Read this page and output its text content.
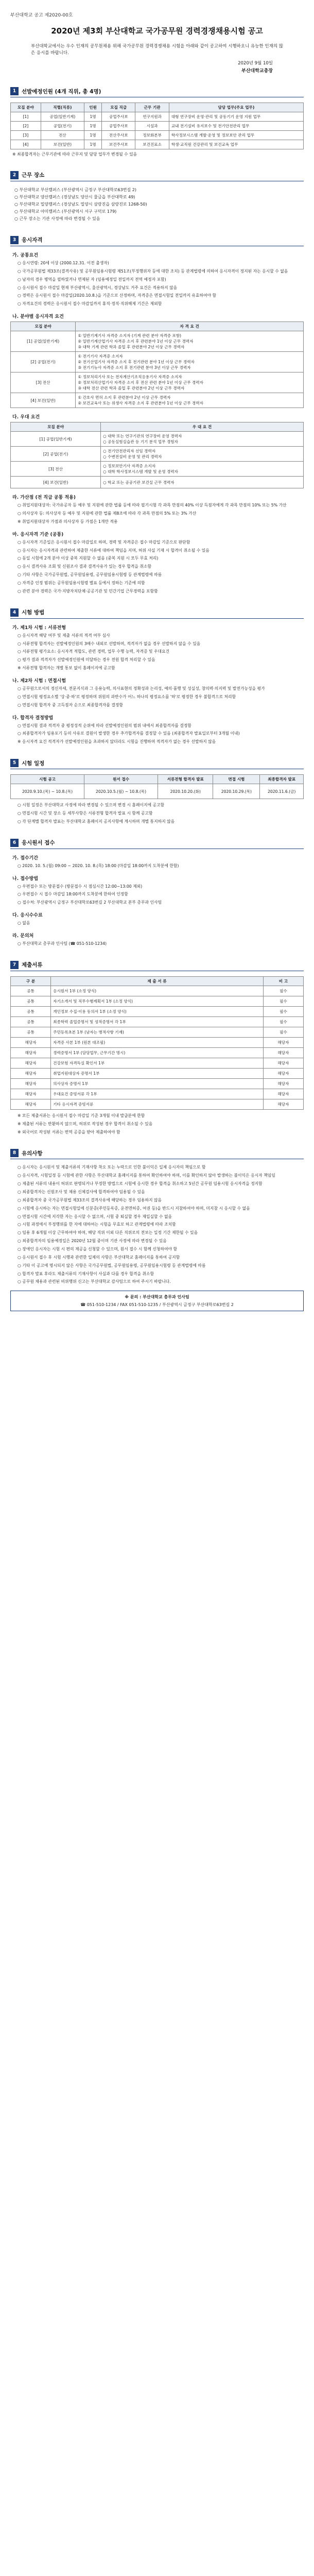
부산대학교 공고 제2020-00호
2020년 제3회 부산대학교 국가공무원 경력경쟁채용시험 공고
부산대학교에서는 우수 인재의 공무원채용 위해 국가공무원 경력경쟁채용 시험을 아래와 같이 공고하여 시행하오니 유능한 인재의 많은 응시를 바랍니다.
2020년 9월 10일
부산대학교총장
1	선발예정인원 (4개 직위, 총 4명)
모집 분야	직렬(직류)	인원	모집 직급	근무 기관	담당 업무(주요 업무)
[1]	공업(일반기계)	1명	공업주사보	연구지원과	대형 연구장비 운영·관리 및 공동기기 운영 지원 업무
[2]	공업(전기)	1명	공업주사보	시설과	교내 전기설비 유지보수 및 전기안전관리 업무
[3]	전산	1명	전산주사보	정보화본부	학사정보시스템 개발·운영 및 정보보안 관리 업무
[4]	보건(일반)	1명	보건주사보	보건진료소	학생·교직원 건강관리 및 보건교육 업무
※ 최종합격자는 근무기관에 따라 근무지 및 담당 업무가 변경될 수 있음
2	근무 장소
○ 부산대학교 부산캠퍼스 (부산광역시 금정구 부산대학로63번길 2)
○ 부산대학교 양산캠퍼스 (경상남도 양산시 물금읍 부산대학로 49)
○ 부산대학교 밀양캠퍼스 (경상남도 밀양시 삼랑진읍 삼랑진로 1268-50)
○ 부산대학교 아미캠퍼스 (부산광역시 서구 구덕로 179)
○ 근무 장소는 기관 사정에 따라 변경될 수 있음
3	응시자격
가. 공통요건

○ 응시연령: 20세 이상 (2000.12.31. 이전 출생자)

○ 국가공무원법 제33조(결격사유) 및 공무원임용시험령 제51조(부정행위자 등에 대한 조치) 등 관계법령에 의하여 응시자격이 정지된 자는 응시할 수 없음

○ 남자의 경우 병역을 필하였거나 면제된 자 (임용예정일 전일까지 전역 예정자 포함)

○ 응시원서 접수 마감일 현재 부산광역시, 울산광역시, 경상남도 거주 요건은 적용하지 않음

○ 경력은 응시원서 접수 마감일(2020.10.8.)을 기준으로 산정하며, 자격증은 면접시험일 전일까지 유효하여야 함

○ 자격요건의 경력은 응시원서 접수 마감일까지 휴직·정직·직위해제 기간은 제외함

나. 분야별 응시자격 요건
모집 분야	자 격 요 건
[1] 공업(일반기계)	① 일반기계기사 자격증 소지자 (기계 관련 분야 자격증 포함)
② 일반기계산업기사 자격증 소지 후 관련분야 1년 이상 근무 경력자
③ 대학 기계 관련 학과 졸업 후 관련분야 2년 이상 근무 경력자
[2] 공업(전기)	① 전기기사 자격증 소지자
② 전기산업기사 자격증 소지 후 전기관련 분야 1년 이상 근무 경력자
③ 전기기능사 자격증 소지 후 전기관련 분야 3년 이상 근무 경력자
[3] 전산	① 정보처리기사 또는 전자계산기조직응용기사 자격증 소지자
② 정보처리산업기사 자격증 소지 후 전산 관련 분야 1년 이상 근무 경력자
③ 대학 전산 관련 학과 졸업 후 관련분야 2년 이상 근무 경력자
[4] 보건(일반)	① 간호사 면허 소지 후 관련분야 2년 이상 근무 경력자
② 보건교육사 또는 위생사 자격증 소지 후 관련분야 1년 이상 근무 경력자
다. 우대 요건
모집 분야	우 대 요 건
[1] 공업(일반기계)	○ 대학 또는 연구기관의 연구장비 운영 경력자
○ 공동실험실습관 등 기기 분석 업무 경험자
[2] 공업(전기)	○ 전기안전관리자 선임 경력자
○ 수변전설비 운영 및 관리 경력자
[3] 전산	○ 정보보안기사 자격증 소지자
○ 대학 학사정보시스템 개발 및 운영 경력자
[4] 보건(일반)	○ 학교 또는 공공기관 보건실 근무 경력자
라. 가산점 (전 직급 공통 적용)

○ 취업지원대상자: 국가유공자 등 예우 및 지원에 관한 법률 등에 따라 필기시험 각 과목 만점의 40% 이상 득점자에게 각 과목 만점의 10% 또는 5% 가산

○ 의사상자 등: 의사상자 등 예우 및 지원에 관한 법률 제8조에 따라 각 과목 만점의 5% 또는 3% 가산

※ 취업지원대상자 가점과 의사상자 등 가점은 1개만 적용

마. 응시자격 기준 (공통)

○ 응시자격 기준일은 응시원서 접수 마감일로 하며, 경력 및 자격증은 접수 마감일 기준으로 판단함

○ 응시자는 응시자격과 관련하여 제출한 서류에 대하여 책임을 지며, 허위 사실 기재 시 합격이 취소될 수 있음

○ 동일 시험에 2개 분야 이상 중복 지원할 수 없음 (중복 지원 시 모두 무효 처리)

○ 응시 결격사유 조회 및 신원조사 결과 결격사유가 있는 경우 합격을 취소함

○ 기타 사항은 국가공무원법, 공무원임용령, 공무원임용시험령 등 관계법령에 따름

○ 자격증 인정 범위는 공무원임용시험령 별표 등에서 정하는 기준에 의함

○ 관련 분야 경력은 국가·지방자치단체·공공기관 및 민간기업 근무경력을 포함함

4	시험 방법
가. 제1차 시험 : 서류전형

○ 응시자격 해당 여부 및 제출 서류의 적격 여부 심사

○ 서류전형 합격자는 선발예정인원의 3배수 내외로 선발하며, 적격자가 없을 경우 선발하지 않을 수 있음

○ 서류전형 평가요소: 응시자격 적합도, 관련 경력, 업무 수행 능력, 자격증 및 우대요건

○ 평가 결과 적격자가 선발예정인원에 미달하는 경우 전원 합격 처리할 수 있음

※ 서류전형 합격자는 개별 통보 없이 홈페이지에 공고함

나. 제2차 시험 : 면접시험

○ 공무원으로서의 정신자세, 전문지식과 그 응용능력, 의사표현의 정확성과 논리성, 예의·품행 및 성실성, 창의력·의지력 및 발전가능성을 평가

○ 면접시험 평정요소별 '상·중·하'로 평정하며 위원의 과반수가 어느 하나의 평정요소를 '하'로 평정한 경우 불합격으로 처리함

○ 면접시험 합격자 중 고득점자 순으로 최종합격자를 결정함

다. 합격자 결정방법

○ 면접시험 결과 적격자 중 평정성적 순위에 따라 선발예정인원의 범위 내에서 최종합격자를 결정함

○ 최종합격자가 임용포기 등의 사유로 결원이 발생한 경우 추가합격자를 결정할 수 있음 (최종합격자 발표일로부터 3개월 이내)

※ 응시자격 요건 적격자가 선발예정인원을 초과하지 않더라도 시험을 진행하며 적격자가 없는 경우 선발하지 않음

5	시험 일정
시험 공고	원서 접수	서류전형 합격자 발표	면접 시험	최종합격자 발표
2020.9.10.(목) ~ 10.8.(목)	2020.10.5.(월) ~ 10.8.(목)	2020.10.20.(화)	2020.10.29.(목)	2020.11.6.(금)

○ 시험 일정은 부산대학교 사정에 따라 변경될 수 있으며 변경 시 홈페이지에 공고함

○ 면접시험 시간 및 장소 등 세부사항은 서류전형 합격자 발표 시 함께 공고함

○ 각 단계별 합격자 발표는 부산대학교 홈페이지 공지사항에 게시하며 개별 통지하지 않음

6	응시원서 접수
가. 접수기간
○ 2020. 10. 5.(월) 09:00 ~ 2020. 10. 8.(목) 18:00 (마감일 18:00까지 도착분에 한함)
나. 접수방법

○ 우편접수 또는 방문접수 (방문접수 시 점심시간 12:00~13:00 제외)

○ 우편접수 시 접수 마감일 18:00까지 도착분에 한하여 인정함

○ 접수처: 부산광역시 금정구 부산대학로63번길 2 부산대학교 본부 총무과 인사팀

다. 응시수수료
○ 없음
라. 문의처
○ 부산대학교 총무과 인사팀 (☎ 051-510-1234)
7	제출서류
구 분	제 출 서 류	비 고
공통	응시원서 1부 (소정 양식)	필수
공통	자기소개서 및 직무수행계획서 1부 (소정 양식)	필수
공통	개인정보 수집·이용 동의서 1부 (소정 양식)	필수
공통	최종학력 졸업증명서 및 성적증명서 각 1부	필수
공통	주민등록초본 1부 (남자는 병적사항 기재)	필수
해당자	자격증 사본 1부 (원본 대조필)	해당자
해당자	경력증명서 1부 (담당업무, 근무기간 명시)	해당자
해당자	건강보험 자격득실 확인서 1부	해당자
해당자	취업지원대상자 증명서 1부	해당자
해당자	의사상자 증명서 1부	해당자
해당자	우대요건 증빙서류 각 1부	해당자
해당자	기타 응시자격 증빙서류	해당자

※ 모든 제출서류는 응시원서 접수 마감일 기준 3개월 이내 발급분에 한함

※ 제출된 서류는 반환하지 않으며, 허위로 작성된 경우 합격이 취소될 수 있음

※ 외국어로 작성된 서류는 번역 공증을 받아 제출하여야 함

8	유의사항

○ 응시자는 응시원서 및 제출서류의 기재사항 착오 또는 누락으로 인한 불이익은 일체 응시자의 책임으로 함

○ 응시자격, 시험일정 등 시험에 관한 사항은 부산대학교 홈페이지를 통하여 확인하여야 하며, 이를 확인하지 않아 발생하는 불이익은 응시자 책임임

○ 제출된 서류의 내용이 허위로 판명되거나 부정한 방법으로 시험에 응시한 경우 합격을 취소하고 5년간 공무원 임용시험 응시자격을 정지함

○ 최종합격자는 신원조사 및 채용 신체검사에 합격하여야 임용될 수 있음

○ 최종합격자 중 국가공무원법 제33조의 결격사유에 해당하는 경우 임용하지 않음

○ 시험에 응시하는 자는 면접시험일에 신분증(주민등록증, 운전면허증, 여권 등)을 반드시 지참하여야 하며, 미지참 시 응시할 수 없음

○ 면접시험 시간에 지각한 자는 응시할 수 없으며, 시험 중 퇴실할 경우 재입실할 수 없음

○ 시험 과정에서 부정행위를 한 자에 대하여는 시험을 무효로 하고 관계법령에 따라 조치함

○ 임용 후 6개월 이상 근무하여야 하며, 해당 직위 이외 다른 직위로의 전보는 일정 기간 제한될 수 있음

○ 최종합격자의 임용예정일은 2020년 12월 중이며 기관 사정에 따라 변경될 수 있음

○ 장애인 응시자는 시험 시 편의 제공을 신청할 수 있으며, 원서 접수 시 함께 신청하여야 함

○ 응시원서 접수 후 시험 시행과 관련한 일체의 사항은 부산대학교 홈페이지를 통하여 공지함

○ 기타 이 공고에 명시되지 않은 사항은 국가공무원법, 공무원임용령, 공무원임용시험령 등 관계법령에 따름

○ 합격자 발표 후라도 제출서류의 기재사항이 사실과 다를 경우 합격을 취소함

○ 공무원 채용과 관련된 비위행위 신고는 부산대학교 감사팀으로 하여 주시기 바랍니다.

※ 문의 : 부산대학교 총무과 인사팀
☎ 051-510-1234 / FAX 051-510-1235 / 부산광역시 금정구 부산대학로63번길 2
